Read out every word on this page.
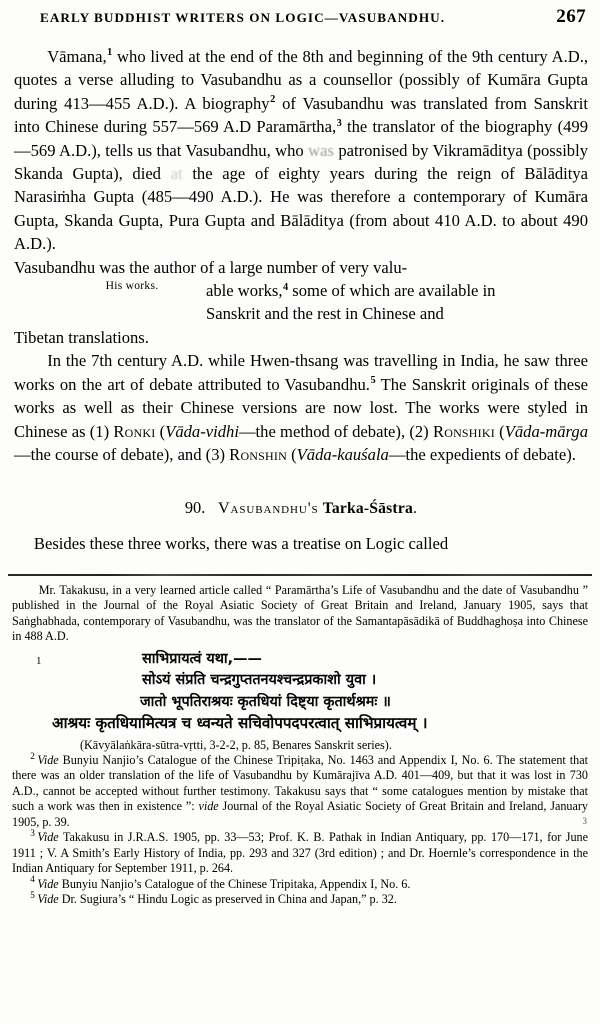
EARLY BUDDHIST WRITERS ON LOGIC—VASUBANDHU.	267

Vāmana,$^1$ who lived at the end of the 8th and beginning of the 9th century A.D., quotes a verse alluding to Vasubandhu as a counsellor (possibly of Kumāra Gupta during 413—455 A.D.). A biography$^2$ of Vasubandhu was translated from Sanskrit into Chinese during 557—569 A.D Paramārtha,$^3$ the translator of the biography (499—569 A.D.), tells us that Vasubandhu, who was patronised by Vikramāditya (possibly Skanda Gupta), died at the age of eighty years during the reign of Bālāditya Narasiṁha Gupta (485—490 A.D.). He was therefore a contemporary of Kumāra Gupta, Skanda Gupta, Pura Gupta and Bālāditya (from about 410 A.D. to about 490 A.D.).

His works.

Vasubandhu was the author of a large number of very valu-

able works,$^4$ some of which are available in

Sanskrit and the rest in Chinese and

Tibetan translations.

In the 7th century A.D. while Hwen-thsang was travelling in India, he saw three works on the art of debate attributed to Vasubandhu.$^5$ The Sanskrit originals of these works as well as their Chinese versions are now lost. The works were styled in Chinese as (1) Ronki (Vāda-vidhi—the method of debate), (2) Ronshiki (Vāda-mārga—the course of debate), and (3) Ronshin (Vāda-kauśala—the expedients of debate).

90. Vasubandhu's Tarka-Śāstra.

Besides these three works, there was a treatise on Logic called

Mr. Takakusu, in a very learned article called “ Paramārtha’s Life of Vasubandhu and the date of Vasubandhu ” published in the Journal of the Royal Asiatic Society of Great Britain and Ireland, January 1905, says that Saṅghabhada, contemporary of Vasubandhu, was the translator of the Samantapāsādikā of Buddhaghoṣa into Chinese in 488 A.D.

1	साभिप्रायत्वं यथा,——
सोऽयं संप्रति चन्द्रगुप्ततनयश्चन्द्रप्रकाशो युवा ।
जातो भूपतिराश्रयः कृतधियां दिष्ट्या कृतार्थश्रमः ॥
आश्रयः कृतधियामित्यत्र च ध्वन्यते सचिवोपपदपरत्वात् साभिप्रायत्वम् ।
(Kāvyālaṅkāra-sūtra-vṛtti, 3-2-2, p. 85, Benares Sanskrit series).

$^2$ Vide Bunyiu Nanjio’s Catalogue of the Chinese Tripiṭaka, No. 1463 and Appendix I, No. 6. The statement that there was an older translation of the life of Vasubandhu by Kumārajīva A.D. 401—409, but that it was lost in 730 A.D., cannot be accepted without further testimony. Takakusu says that “ some catalogues mention by mistake that such a work was then in existence ”: vide Journal of the Royal Asiatic Society of Great Britain and Ireland, January 1905, p. 39.	3

$^3$ Vide Takakusu in J.R.A.S. 1905, pp. 33—53; Prof. K. B. Pathak in Indian Antiquary, pp. 170—171, for June 1911 ; V. A Smith’s Early History of India, pp. 293 and 327 (3rd edition) ; and Dr. Hoernle’s correspondence in the Indian Antiquary for September 1911, p. 264.

$^4$ Vide Bunyiu Nanjio’s Catalogue of the Chinese Tripitaka, Appendix I, No. 6.

$^5$ Vide Dr. Sugiura’s “ Hindu Logic as preserved in China and Japan,” p. 32.
